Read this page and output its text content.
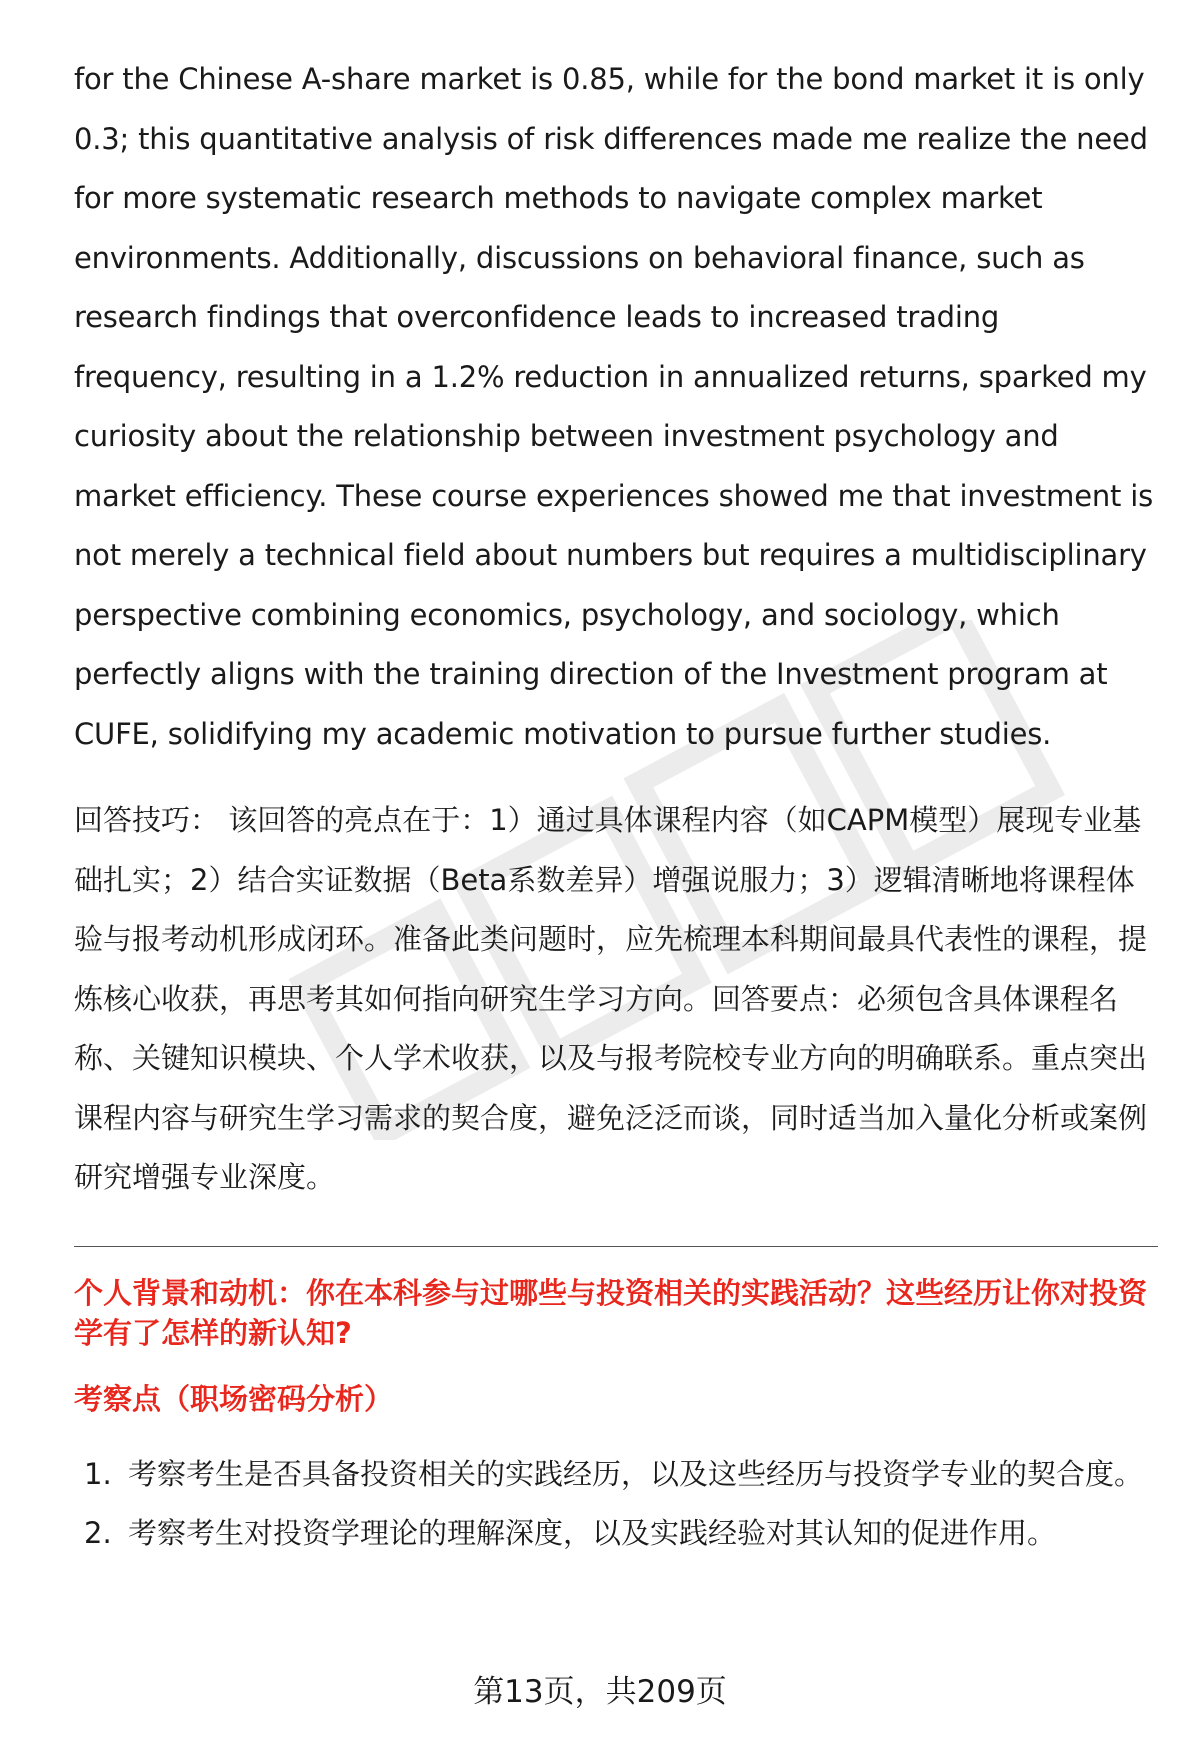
for the Chinese A-share market is 0.85, while for the bond market it is only 0.3; this quantitative analysis of risk differences made me realize the need for more systematic research methods to navigate complex market environments. Additionally, discussions on behavioral finance, such as research findings that overconfidence leads to increased trading frequency, resulting in a 1.2% reduction in annualized returns, sparked my curiosity about the relationship between investment psychology and market efficiency. These course experiences showed me that investment is not merely a technical field about numbers but requires a multidisciplinary perspective combining economics, psychology, and sociology, which perfectly aligns with the training direction of the Investment program at CUFE, solidifying my academic motivation to pursue further studies.

回答技巧： 该回答的亮点在于：1）通过具体课程内容（如CAPM模型）展现专业基础扎实；2）结合实证数据（Beta系数差异）增强说服力；3）逻辑清晰地将课程体验与报考动机形成闭环。准备此类问题时，应先梳理本科期间最具代表性的课程，提炼核心收获，再思考其如何指向研究生学习方向。回答要点：必须包含具体课程名称、关键知识模块、个人学术收获，以及与报考院校专业方向的明确联系。重点突出课程内容与研究生学习需求的契合度，避免泛泛而谈，同时适当加入量化分析或案例研究增强专业深度。

个人背景和动机：你在本科参与过哪些与投资相关的实践活动？这些经历让你对投资学有了怎样的新认知?
考察点（职场密码分析）
1. 考察考生是否具备投资相关的实践经历，以及这些经历与投资学专业的契合度。
2. 考察考生对投资学理论的理解深度，以及实践经验对其认知的促进作用。
第13页，共209页
